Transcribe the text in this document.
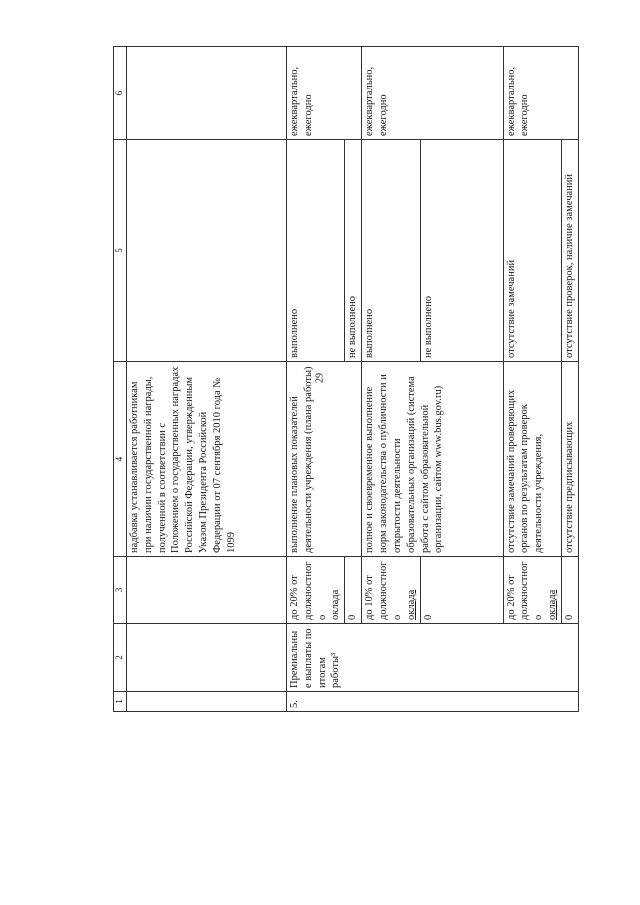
29
1	2	3	4	5	6
			надбавка устанавливается работникам при наличии государственной награды, полученной в соответствии с Положением о государственных наградах Российской Федерации, утвержденным Указом Президента Российской Федерации от 07 сентября 2010 года № 1099		
5.	Премиальные выплаты по итогам работы³	до 20% от должностного оклада	выполнение плановых показателей деятельности учреждения (плана работы)	выполнено	ежеквартально, ежегодно
		0		не выполнено	

		до 10% от должностного оклада	полное и своевременное выполнение норм законодательства о публичности и открытости деятельности образовательных организаций (система работа с сайтом образовательной организации, сайтом www.bus.gov.ru)	выполнено	ежеквартально, ежегодно
		0		не выполнено	

		до 20% от должностного оклада	отсутствие замечаний проверяющих органов по результатам проверок деятельности учреждения,	отсутствие замечаний	ежеквартально, ежегодно
		0	отсутствие предписывающих	отсутствие проверок, наличие замечаний	
